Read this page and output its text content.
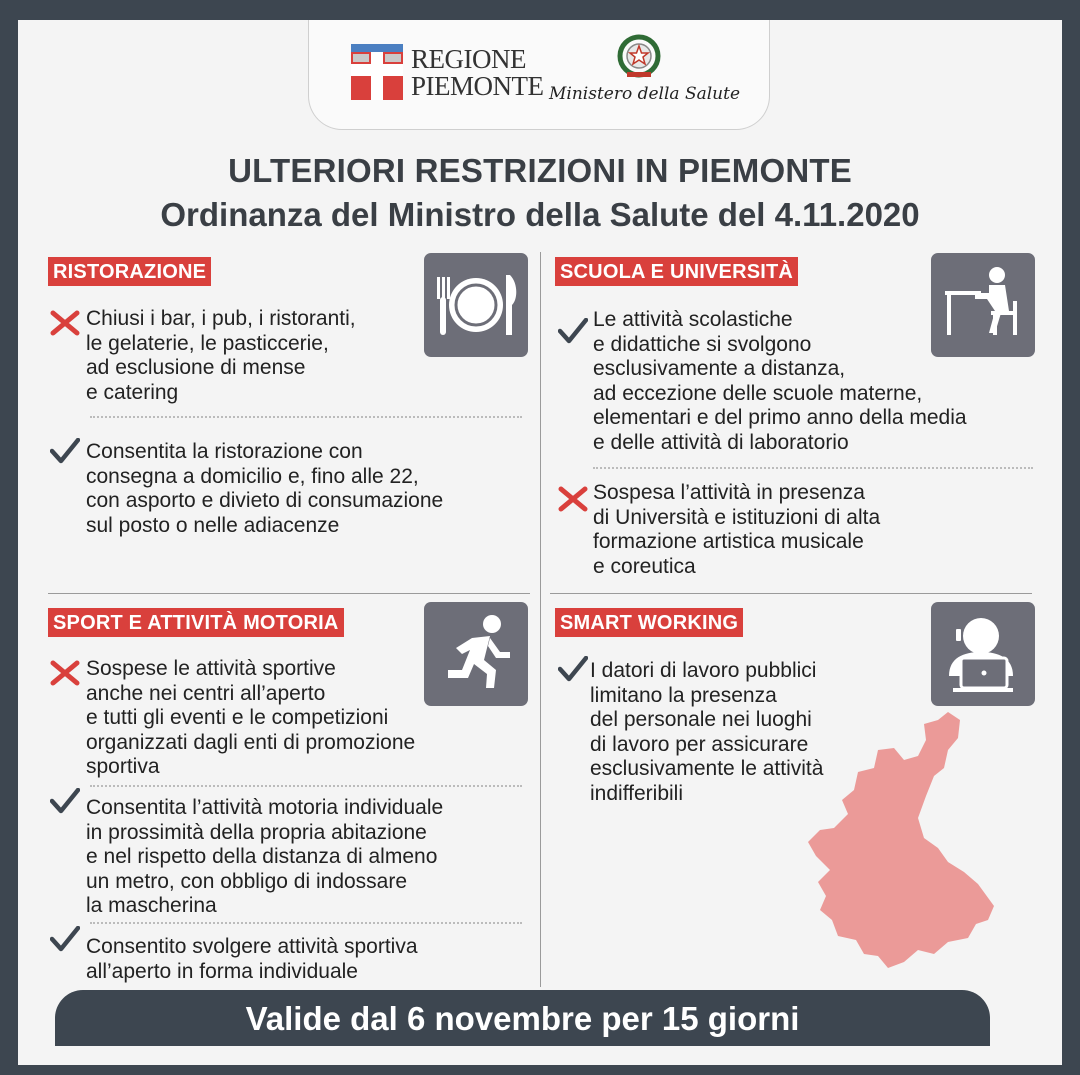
REGIONE
PIEMONTE Ministero della Salute
ULTERIORI RESTRIZIONI IN PIEMONTE
Ordinanza del Ministro della Salute del 4.11.2020
RISTORAZIONE
Chiusi i bar, i pub, i ristoranti,
le gelaterie, le pasticcerie,
ad esclusione di mense
e catering
Consentita la ristorazione con
consegna a domicilio e, fino alle 22,
con asporto e divieto di consumazione
sul posto o nelle adiacenze
SCUOLA E UNIVERSITÀ
Le attività scolastiche
e didattiche si svolgono
esclusivamente a distanza,
ad eccezione delle scuole materne,
elementari e del primo anno della media
e delle attività di laboratorio
Sospesa l’attività in presenza
di Università e istituzioni di alta
formazione artistica musicale
e coreutica
SPORT E ATTIVITÀ MOTORIA
Sospese le attività sportive
anche nei centri all’aperto
e tutti gli eventi e le competizioni
organizzati dagli enti di promozione
sportiva
Consentita l’attività motoria individuale
in prossimità della propria abitazione
e nel rispetto della distanza di almeno
un metro, con obbligo di indossare
la mascherina
Consentito svolgere attività sportiva
all’aperto in forma individuale
SMART WORKING
I datori di lavoro pubblici
limitano la presenza
del personale nei luoghi
di lavoro per assicurare
esclusivamente le attività
indifferibili
Valide dal 6 novembre per 15 giorni
